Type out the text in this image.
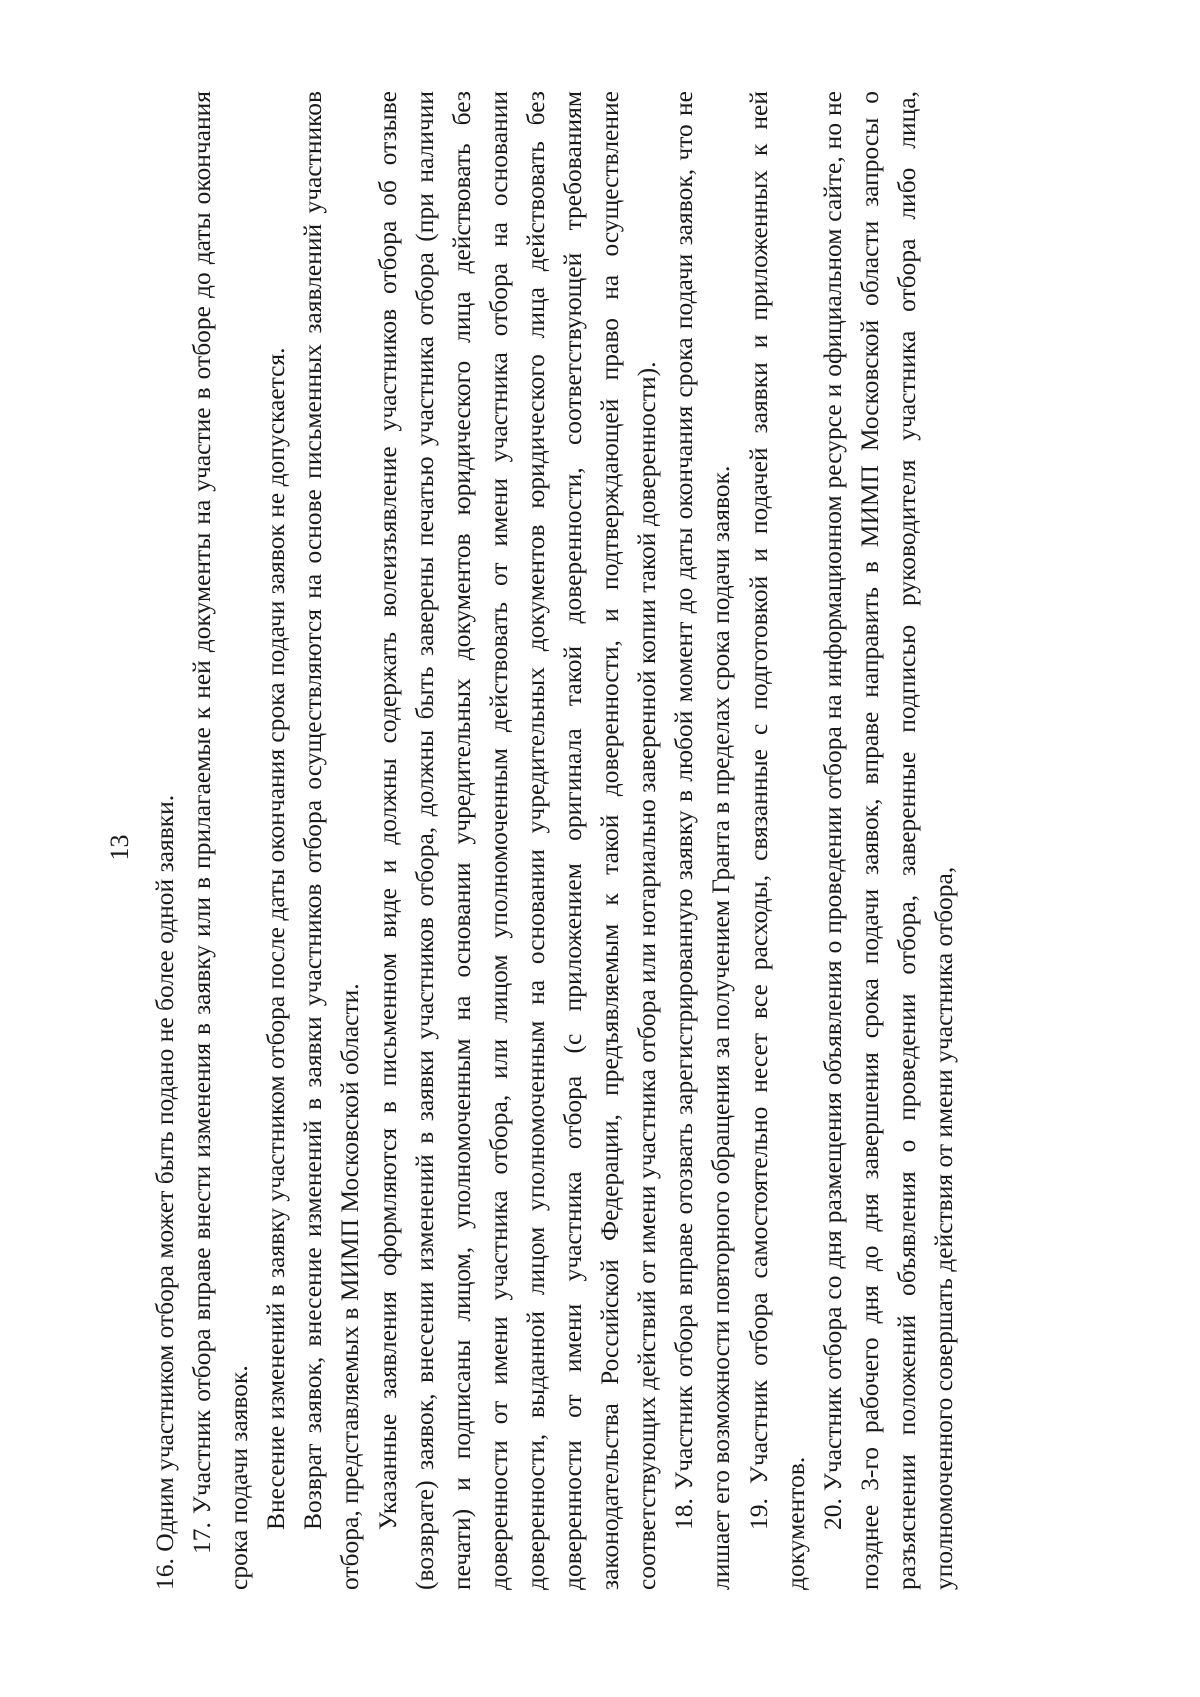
13 16. Одним участником отбора может быть подано не более одной заявки. 17. Участник отбора вправе внести изменения в заявку или в прилагаемые к ней документы на участие в отборе до даты окончания срока подачи заявок. Внесение изменений в заявку участником отбора после даты окончания срока подачи заявок не допускается. Возврат заявок, внесение изменений в заявки участников отбора осуществляются на основе письменных заявлений участников отбора, представляемых в МИМП Московской области. Указанные заявления оформляются в письменном виде и должны содержать волеизъявление участников отбора об отзыве (возврате) заявок, внесении изменений в заявки участников отбора, должны быть заверены печатью участника отбора (при наличии печати) и подписаны лицом, уполномоченным на основании учредительных документов юридического лица действовать без доверенности от имени участника отбора, или лицом уполномоченным действовать от имени участника отбора на основании доверенности, выданной лицом уполномоченным на основании учредительных документов юридического лица действовать без доверенности от имени участника отбора (с приложением оригинала такой доверенности, соответствующей требованиям законодательства Российской Федерации, предъявляемым к такой доверенности, и подтверждающей право на осуществление соответствующих действий от имени участника отбора или нотариально заверенной копии такой доверенности). 18. Участник отбора вправе отозвать зарегистрированную заявку в любой момент до даты окончания срока подачи заявок, что не лишает его возможности повторного обращения за получением Гранта в пределах срока подачи заявок. 19. Участник отбора самостоятельно несет все расходы, связанные с подготовкой и подачей заявки и приложенных к ней документов. 20. Участник отбора со дня размещения объявления о проведении отбора на информационном ресурсе и официальном сайте, но не позднее 3-го рабочего дня до дня завершения срока подачи заявок, вправе направить в МИМП Московской области запросы о разъяснении положений объявления о проведении отбора, заверенные подписью руководителя участника отбора либо лица, уполномоченного совершать действия от имени участника отбора,
